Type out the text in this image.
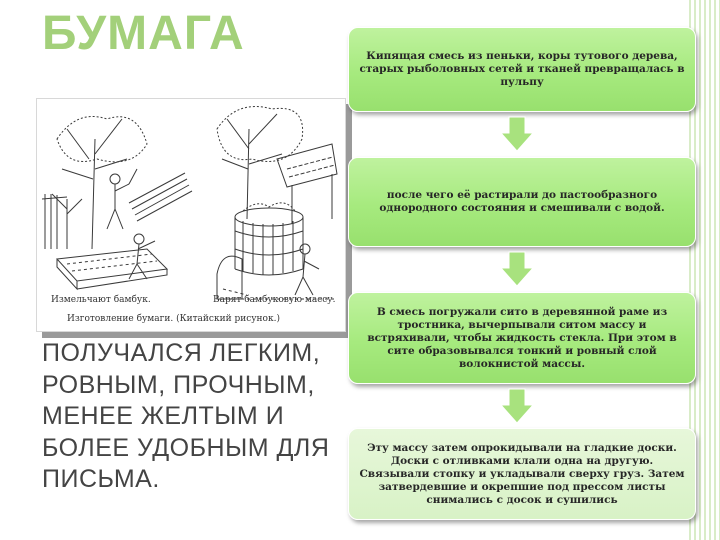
БУМАГА
Измельчают бамбук.	Варят бамбуковую массу.
Изготовление бумаги. (Китайский рисунок.)
ПОЛУЧАЛСЯ ЛЕГКИМ, РОВНЫМ, ПРОЧНЫМ, МЕНЕЕ ЖЕЛТЫМ И БОЛЕЕ УДОБНЫМ ДЛЯ ПИСЬМА.
Кипящая смесь из пеньки, коры тутового дерева, старых рыболовных сетей и тканей превращалась в пульпу
после чего её растирали до пастообразного однородного состояния и смешивали с водой.
В смесь погружали сито в деревянной раме из тростника, вычерпывали ситом массу и встряхивали, чтобы жидкость стекла. При этом в сите образовывался тонкий и ровный слой волокнистой массы.
Эту массу затем опрокидывали на гладкие доски. Доски с отливками клали одна на другую. Связывали стопку и укладывали сверху груз. Затем затвердевшие и окрепшие под прессом листы снимались с досок и сушились
